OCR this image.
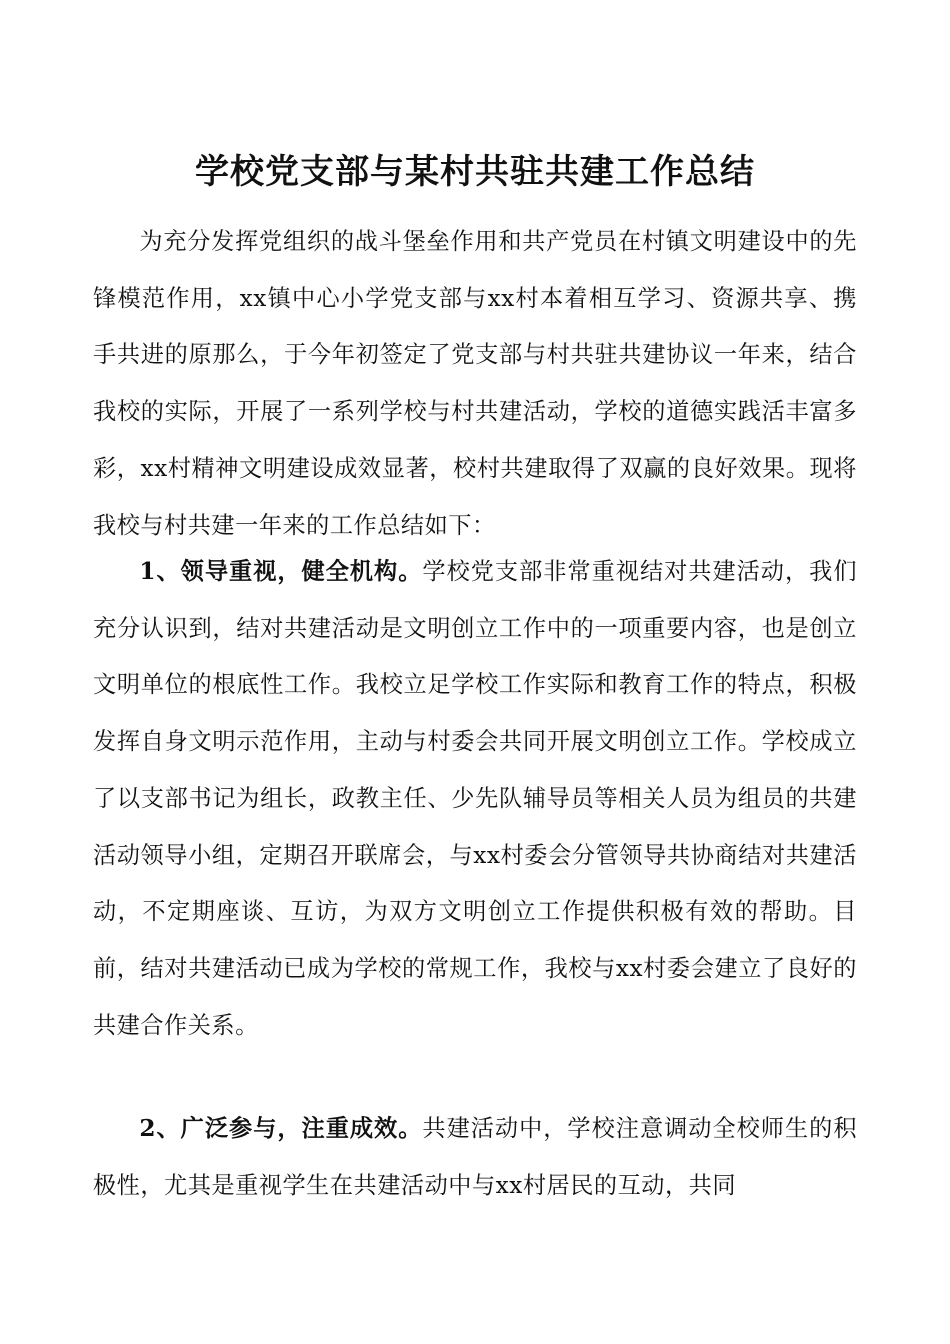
学校党支部与某村共驻共建工作总结

为充分发挥党组织的战斗堡垒作用和共产党员在村镇文明建设中的先锋模范作用，xx镇中心小学党支部与xx村本着相互学习、资源共享、携手共进的原那么，于今年初签定了党支部与村共驻共建协议一年来，结合我校的实际，开展了一系列学校与村共建活动，学校的道德实践活丰富多彩，xx村精神文明建设成效显著，校村共建取得了双赢的良好效果。现将我校与村共建一年来的工作总结如下：

1、领导重视，健全机构。学校党支部非常重视结对共建活动，我们充分认识到，结对共建活动是文明创立工作中的一项重要内容，也是创立文明单位的根底性工作。我校立足学校工作实际和教育工作的特点，积极发挥自身文明示范作用，主动与村委会共同开展文明创立工作。学校成立了以支部书记为组长，政教主任、少先队辅导员等相关人员为组员的共建活动领导小组，定期召开联席会，与xx村委会分管领导共协商结对共建活动，不定期座谈、互访，为双方文明创立工作提供积极有效的帮助。目前，结对共建活动已成为学校的常规工作，我校与xx村委会建立了良好的共建合作关系。

2、广泛参与，注重成效。共建活动中，学校注意调动全校师生的积极性，尤其是重视学生在共建活动中与xx村居民的互动，共同
